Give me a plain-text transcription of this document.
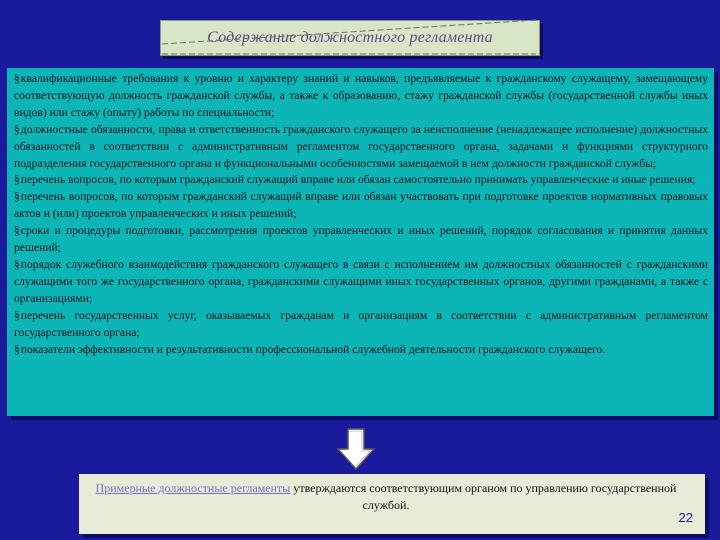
Содержание должностного регламента
§квалификационные требования к уровню и характеру знаний и навыков, предъявляемые к гражданскому служащему, замещающему соответствующую должность гражданской службы, а также к образованию, стажу гражданской службы (государственной службы иных видов) или стажу (опыту) работы по специальности;
§должностные обязанности, права и ответственность гражданского служащего за неисполнение (ненадлежащее исполнение) должностных обязанностей в соответствии с административным регламентом государственного органа, задачами и функциями структурного подразделения государственного органа и функциональными особенностями замещаемой в нем должности гражданской службы;
§перечень вопросов, по которым гражданский служащий вправе или обязан самостоятельно принимать управленческие и иные решения;
§перечень вопросов, по которым гражданский служащий вправе или обязан участвовать при подготовке проектов нормативных правовых актов и (или) проектов управленческих и иных решений;
§сроки и процедуры подготовки, рассмотрения проектов управленческих и иных решений, порядок согласования и принятия данных решений;
§порядок служебного взаимодействия гражданского служащего в связи с исполнением им должностных обязанностей с гражданскими служащими того же государственного органа, гражданскими служащими иных государственных органов, другими гражданами, а также с организациями;
§перечень государственных услуг, оказываемых гражданам и организациям в соответствии с административным регламентом государственного органа;
§показатели эффективности и результативности профессиональной служебной деятельности гражданского служащего.
Примерные должностные регламенты утверждаются соответствующим органом по управлению государственной службой.
22
